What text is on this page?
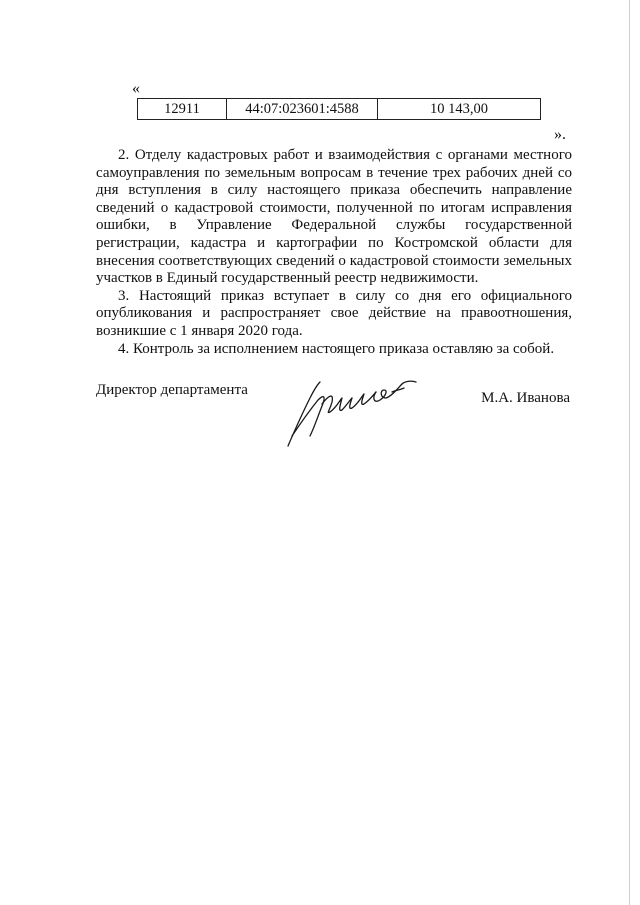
«
12911	44:07:023601:4588	10 143,00
».

2. Отделу кадастровых работ и взаимодействия с органами местного самоуправления по земельным вопросам в течение трех рабочих дней со дня вступления в силу настоящего приказа обеспечить направление сведений о кадастровой стоимости, полученной по итогам исправления ошибки, в Управление Федеральной службы государственной регистрации, кадастра и картографии по Костромской области для внесения соответствующих сведений о кадастровой стоимости земельных участков в Единый государственный реестр недвижимости.

3. Настоящий приказ вступает в силу со дня его официального опубликования и распространяет свое действие на правоотношения, возникшие с 1 января 2020 года.

4. Контроль за исполнением настоящего приказа оставляю за собой.

Директор департамента	М.А. Иванова
